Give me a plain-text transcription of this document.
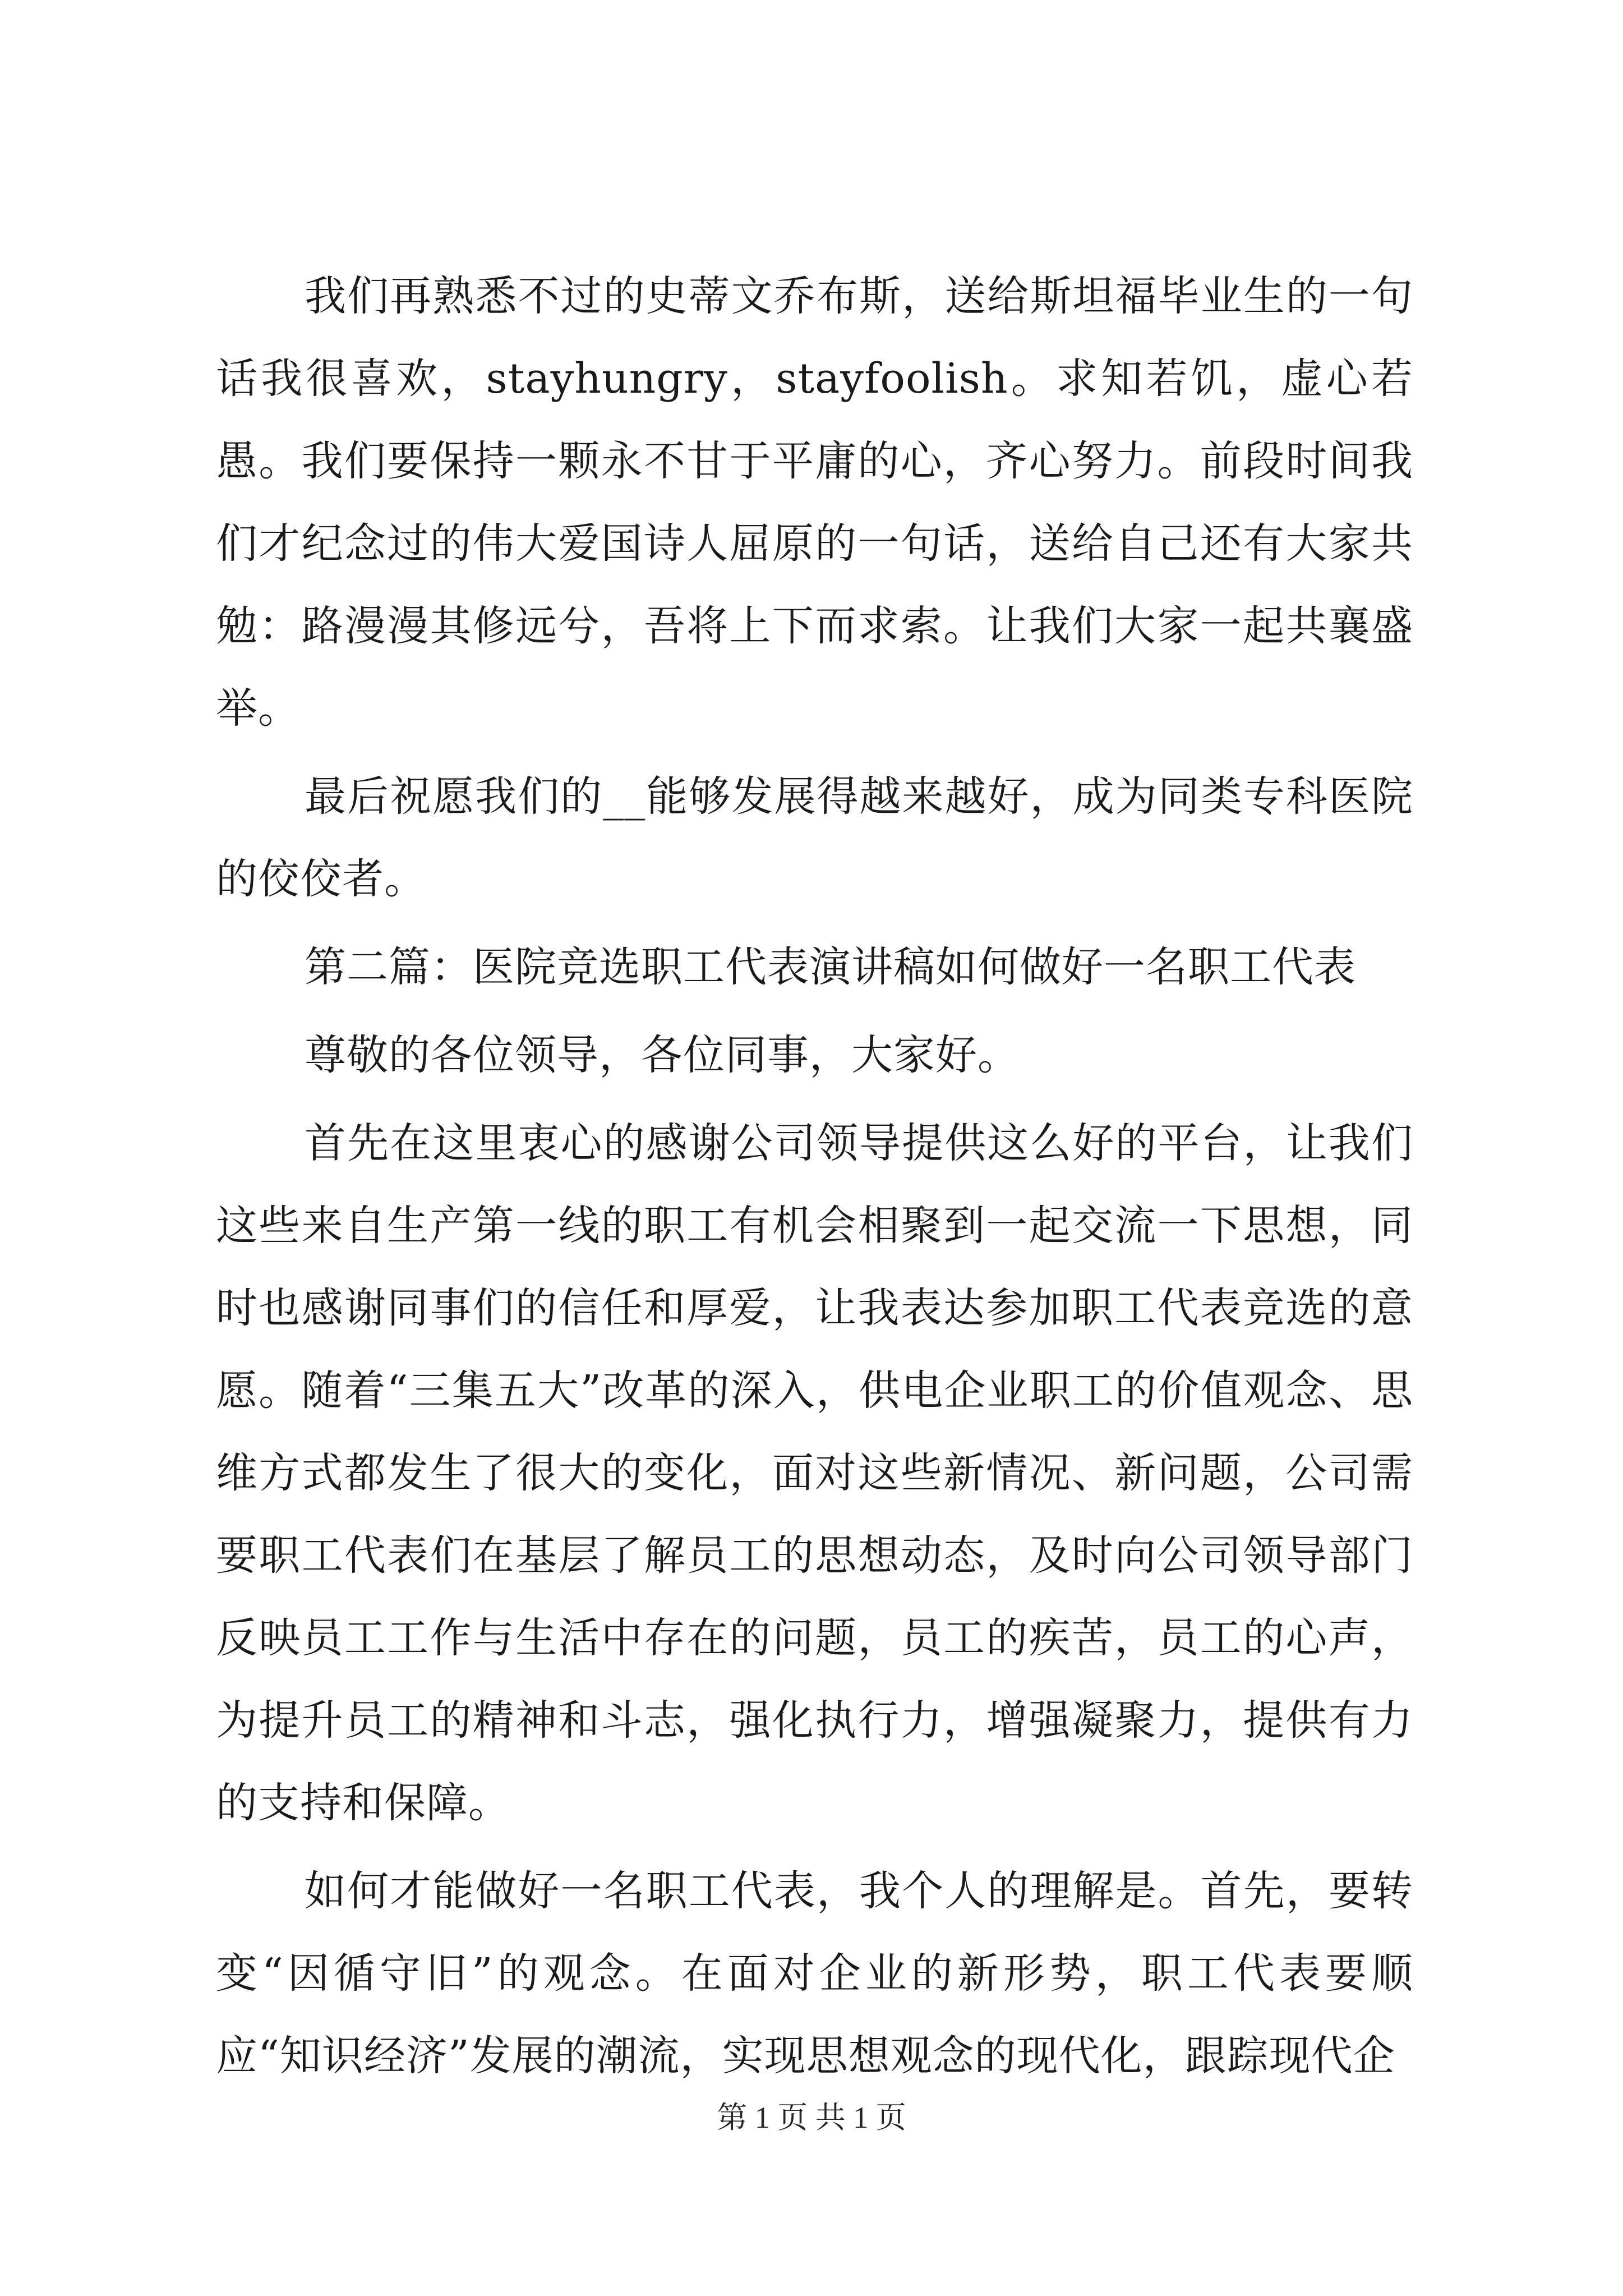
我们再熟悉不过的史蒂文乔布斯，送给斯坦福毕业生的一句话我很喜欢，stayhungry，stayfoolish。求知若饥，虚心若愚。我们要保持一颗永不甘于平庸的心，齐心努力。前段时间我们才纪念过的伟大爱国诗人屈原的一句话，送给自己还有大家共勉：路漫漫其修远兮，吾将上下而求索。让我们大家一起共襄盛举。

最后祝愿我们的__能够发展得越来越好，成为同类专科医院的佼佼者。

第二篇：医院竞选职工代表演讲稿如何做好一名职工代表

尊敬的各位领导，各位同事，大家好。

首先在这里衷心的感谢公司领导提供这么好的平台，让我们这些来自生产第一线的职工有机会相聚到一起交流一下思想，同时也感谢同事们的信任和厚爱，让我表达参加职工代表竞选的意愿。随着“三集五大”改革的深入，供电企业职工的价值观念、思维方式都发生了很大的变化，面对这些新情况、新问题，公司需要职工代表们在基层了解员工的思想动态，及时向公司领导部门反映员工工作与生活中存在的问题，员工的疾苦，员工的心声，为提升员工的精神和斗志，强化执行力，增强凝聚力，提供有力的支持和保障。

如何才能做好一名职工代表，我个人的理解是。首先，要转变“因循守旧”的观念。在面对企业的新形势，职工代表要顺应“知识经济”发展的潮流，实现思想观念的现代化，跟踪现代企

第 1 页 共 1 页
